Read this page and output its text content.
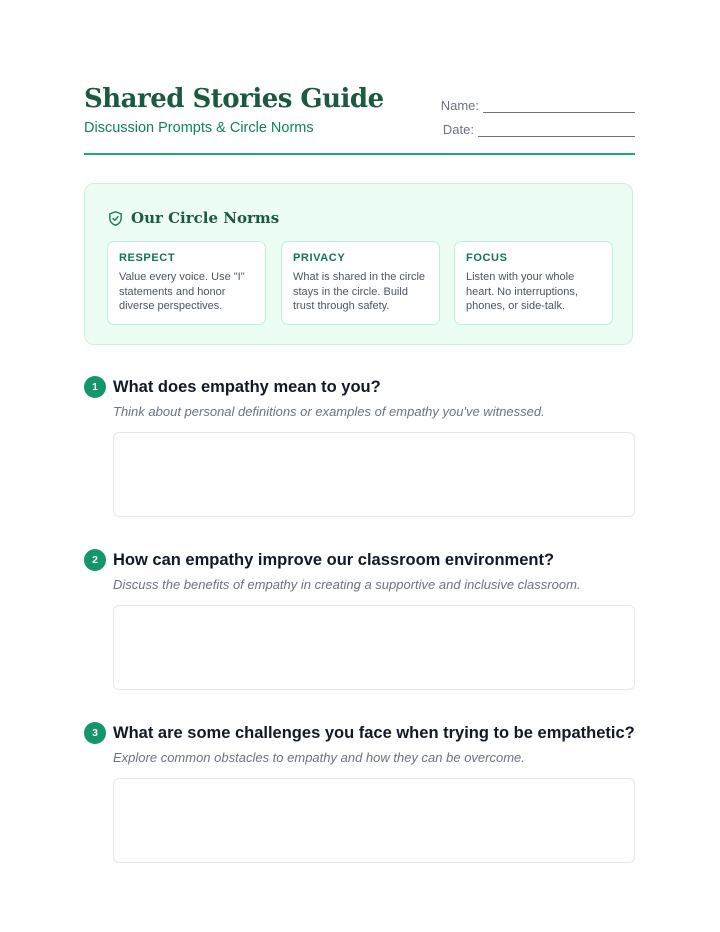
Shared Stories Guide
Discussion Prompts & Circle Norms
Name:
Date:
Our Circle Norms
RESPECT
Value every voice. Use "I" statements and honor diverse perspectives.
PRIVACY
What is shared in the circle stays in the circle. Build trust through safety.
FOCUS
Listen with your whole heart. No interruptions, phones, or side-talk.
1 What does empathy mean to you?
Think about personal definitions or examples of empathy you've witnessed.
2 How can empathy improve our classroom environment?
Discuss the benefits of empathy in creating a supportive and inclusive classroom.
3 What are some challenges you face when trying to be empathetic?
Explore common obstacles to empathy and how they can be overcome.
